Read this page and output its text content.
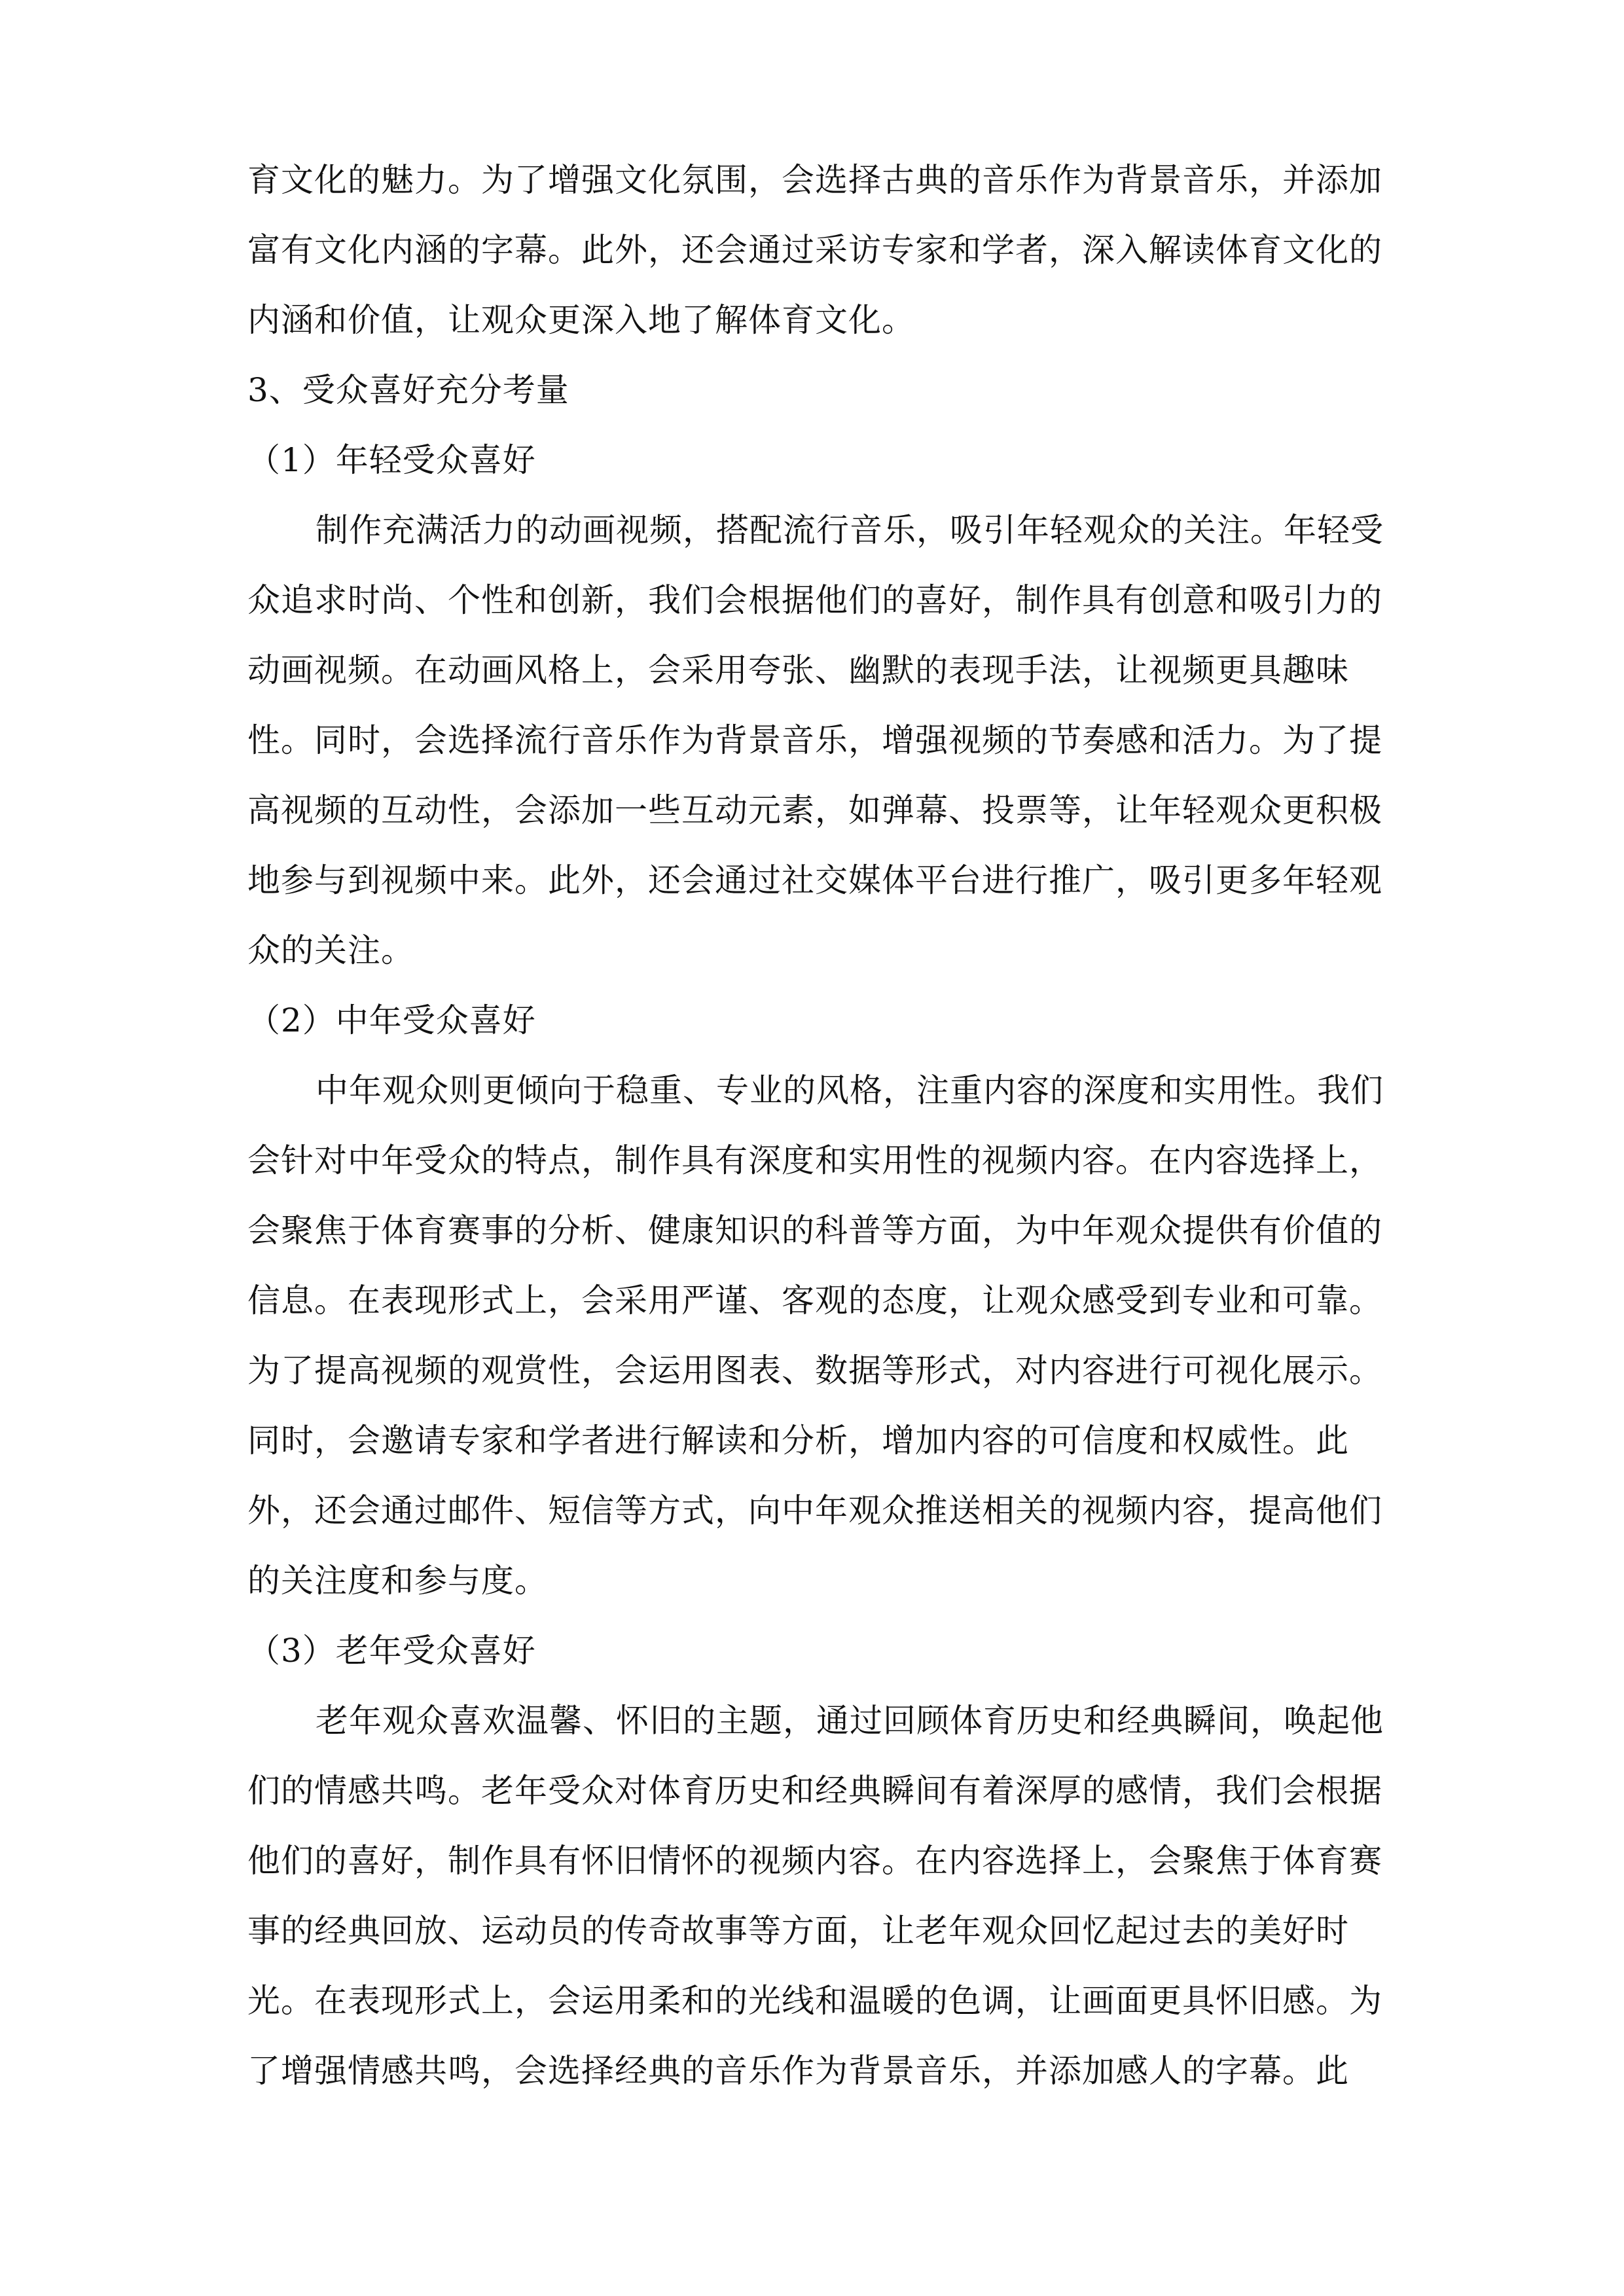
育文化的魅力。为了增强文化氛围，会选择古典的音乐作为背景音乐，并添加
富有文化内涵的字幕。此外，还会通过采访专家和学者，深入解读体育文化的
内涵和价值，让观众更深入地了解体育文化。
3、受众喜好充分考量
（1）年轻受众喜好
制作充满活力的动画视频，搭配流行音乐，吸引年轻观众的关注。年轻受
众追求时尚、个性和创新，我们会根据他们的喜好，制作具有创意和吸引力的
动画视频。在动画风格上，会采用夸张、幽默的表现手法，让视频更具趣味
性。同时，会选择流行音乐作为背景音乐，增强视频的节奏感和活力。为了提
高视频的互动性，会添加一些互动元素，如弹幕、投票等，让年轻观众更积极
地参与到视频中来。此外，还会通过社交媒体平台进行推广，吸引更多年轻观
众的关注。
（2）中年受众喜好
中年观众则更倾向于稳重、专业的风格，注重内容的深度和实用性。我们
会针对中年受众的特点，制作具有深度和实用性的视频内容。在内容选择上，
会聚焦于体育赛事的分析、健康知识的科普等方面，为中年观众提供有价值的
信息。在表现形式上，会采用严谨、客观的态度，让观众感受到专业和可靠。
为了提高视频的观赏性，会运用图表、数据等形式，对内容进行可视化展示。
同时，会邀请专家和学者进行解读和分析，增加内容的可信度和权威性。此
外，还会通过邮件、短信等方式，向中年观众推送相关的视频内容，提高他们
的关注度和参与度。
（3）老年受众喜好
老年观众喜欢温馨、怀旧的主题，通过回顾体育历史和经典瞬间，唤起他
们的情感共鸣。老年受众对体育历史和经典瞬间有着深厚的感情，我们会根据
他们的喜好，制作具有怀旧情怀的视频内容。在内容选择上，会聚焦于体育赛
事的经典回放、运动员的传奇故事等方面，让老年观众回忆起过去的美好时
光。在表现形式上，会运用柔和的光线和温暖的色调，让画面更具怀旧感。为
了增强情感共鸣，会选择经典的音乐作为背景音乐，并添加感人的字幕。此
